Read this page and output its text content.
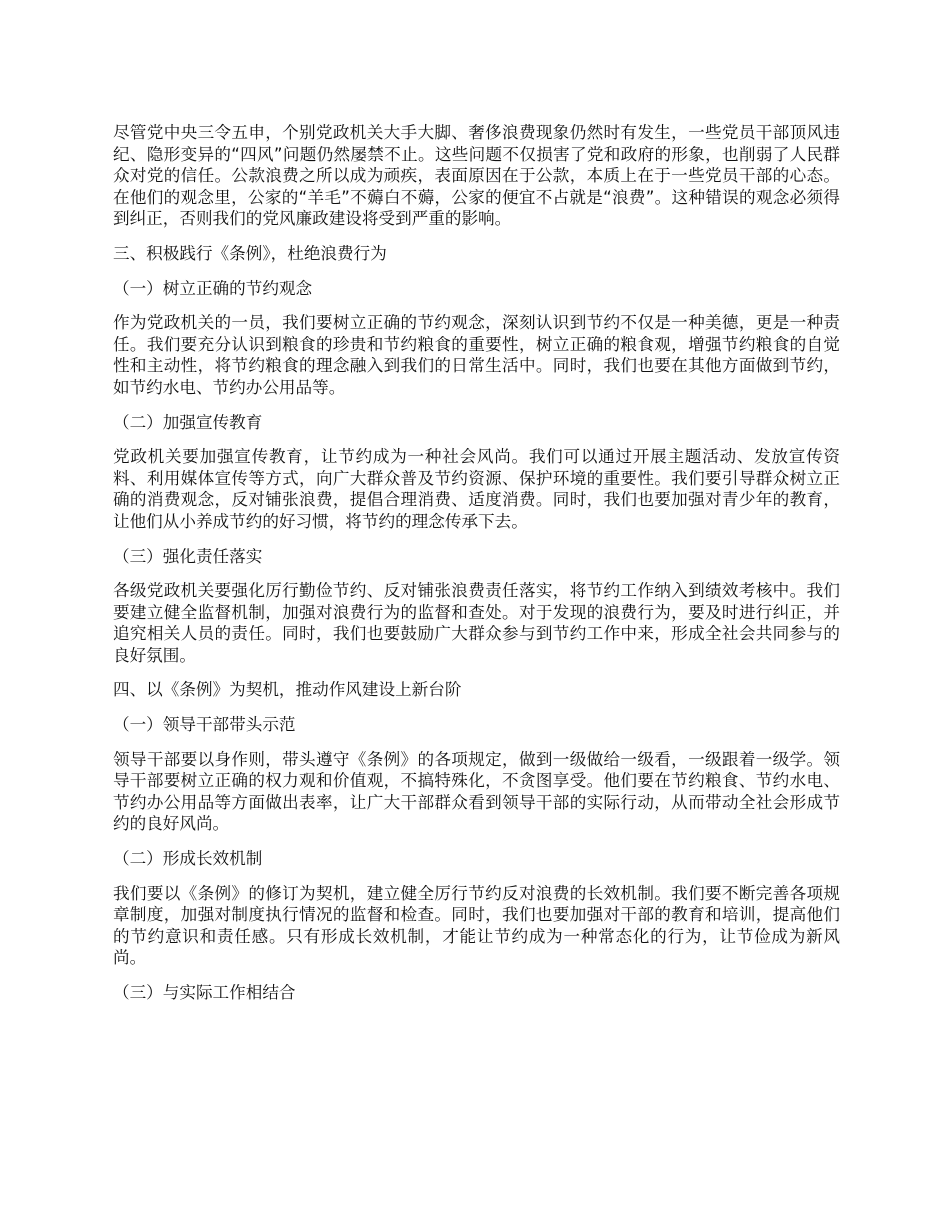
尽管党中央三令五申，个别党政机关大手大脚、奢侈浪费现象仍然时有发生，一些党员干部顶风违纪、隐形变异的“四风”问题仍然屡禁不止。这些问题不仅损害了党和政府的形象，也削弱了人民群众对党的信任。公款浪费之所以成为顽疾，表面原因在于公款，本质上在于一些党员干部的心态。在他们的观念里，公家的“羊毛”不薅白不薅，公家的便宜不占就是“浪费”。这种错误的观念必须得到纠正，否则我们的党风廉政建设将受到严重的影响。

三、积极践行《条例》，杜绝浪费行为

（一）树立正确的节约观念

作为党政机关的一员，我们要树立正确的节约观念，深刻认识到节约不仅是一种美德，更是一种责任。我们要充分认识到粮食的珍贵和节约粮食的重要性，树立正确的粮食观，增强节约粮食的自觉性和主动性，将节约粮食的理念融入到我们的日常生活中。同时，我们也要在其他方面做到节约，如节约水电、节约办公用品等。

（二）加强宣传教育

党政机关要加强宣传教育，让节约成为一种社会风尚。我们可以通过开展主题活动、发放宣传资料、利用媒体宣传等方式，向广大群众普及节约资源、保护环境的重要性。我们要引导群众树立正确的消费观念，反对铺张浪费，提倡合理消费、适度消费。同时，我们也要加强对青少年的教育，让他们从小养成节约的好习惯，将节约的理念传承下去。

（三）强化责任落实

各级党政机关要强化厉行勤俭节约、反对铺张浪费责任落实，将节约工作纳入到绩效考核中。我们要建立健全监督机制，加强对浪费行为的监督和查处。对于发现的浪费行为，要及时进行纠正，并追究相关人员的责任。同时，我们也要鼓励广大群众参与到节约工作中来，形成全社会共同参与的良好氛围。

四、以《条例》为契机，推动作风建设上新台阶

（一）领导干部带头示范

领导干部要以身作则，带头遵守《条例》的各项规定，做到一级做给一级看，一级跟着一级学。领导干部要树立正确的权力观和价值观，不搞特殊化，不贪图享受。他们要在节约粮食、节约水电、节约办公用品等方面做出表率，让广大干部群众看到领导干部的实际行动，从而带动全社会形成节约的良好风尚。

（二）形成长效机制

我们要以《条例》的修订为契机，建立健全厉行节约反对浪费的长效机制。我们要不断完善各项规章制度，加强对制度执行情况的监督和检查。同时，我们也要加强对干部的教育和培训，提高他们的节约意识和责任感。只有形成长效机制，才能让节约成为一种常态化的行为，让节俭成为新风尚。

（三）与实际工作相结合
